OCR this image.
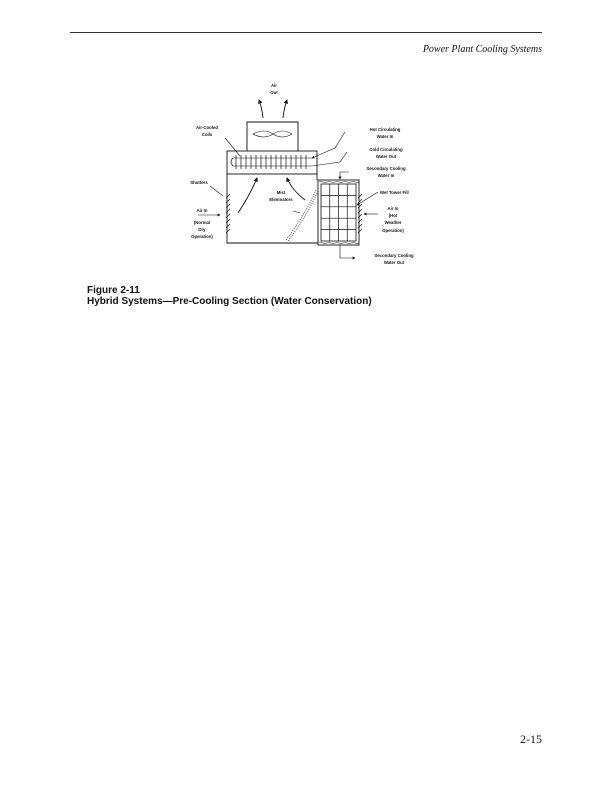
Power Plant Cooling Systems
Air
Out
Air-Cooled
Coils
Hot Circulating
Water In
Cold Circulating
Water Out
Secondary Cooling
Water In
Shutters
Mist
Eliminators
Wet Tower Fill
Air In
(Normal
Dry
Operation)
Air In
(Hot
Weather
Operation)
Secondary Cooling
Water Out
Figure 2-11
Hybrid Systems—Pre-Cooling Section (Water Conservation)
2-15
